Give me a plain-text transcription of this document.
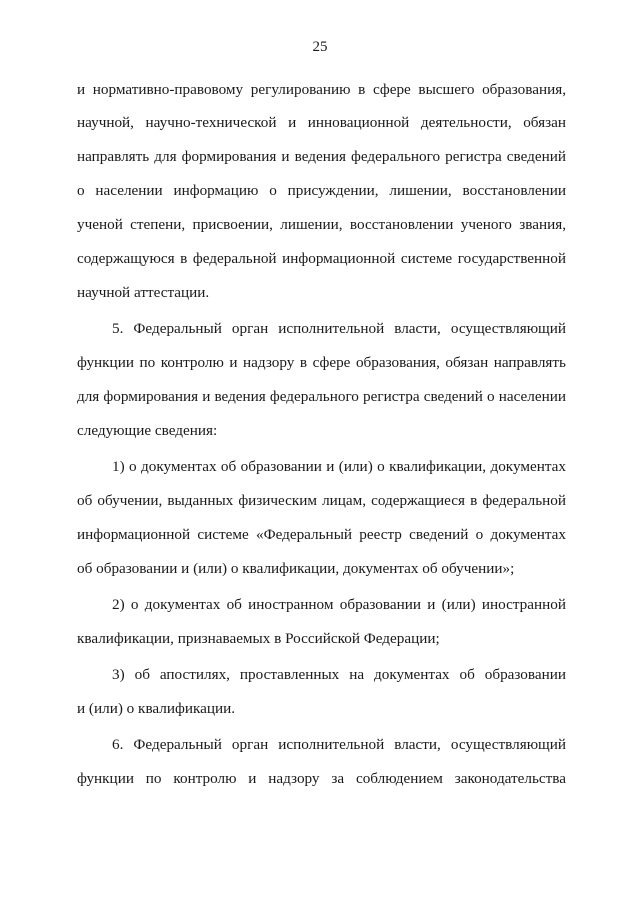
25
и нормативно-правовому регулированию в сфере высшего образования,
научной, научно-технической и инновационной деятельности, обязан
направлять для формирования и ведения федерального регистра сведений
о населении информацию о присуждении, лишении, восстановлении
ученой степени, присвоении, лишении, восстановлении ученого звания,
содержащуюся в федеральной информационной системе государственной
научной аттестации.
5. Федеральный орган исполнительной власти, осуществляющий
функции по контролю и надзору в сфере образования, обязан направлять
для формирования и ведения федерального регистра сведений о населении
следующие сведения:
1) о документах об образовании и (или) о квалификации, документах
об обучении, выданных физическим лицам, содержащиеся в федеральной
информационной системе «Федеральный реестр сведений о документах
об образовании и (или) о квалификации, документах об обучении»;
2) о документах об иностранном образовании и (или) иностранной
квалификации, признаваемых в Российской Федерации;
3) об апостилях, проставленных на документах об образовании
и (или) о квалификации.
6. Федеральный орган исполнительной власти, осуществляющий
функции по контролю и надзору за соблюдением законодательства
